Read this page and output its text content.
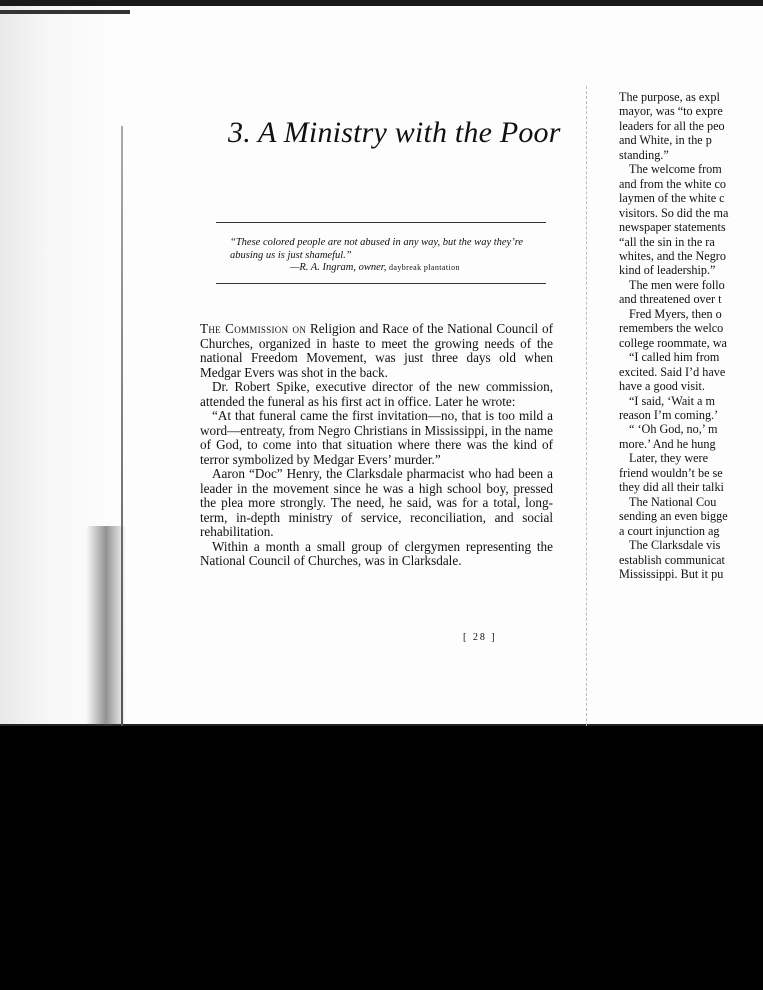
3. A Ministry with the Poor
“These colored people are not abused in any way, but the way they’re abusing us is just shameful.”
—R. A. Ingram, owner, daybreak plantation

The Commission on Religion and Race of the National Council of Churches, organized in haste to meet the growing needs of the national Freedom Movement, was just three days old when Medgar Evers was shot in the back.

Dr. Robert Spike, executive director of the new commission, attended the funeral as his first act in office. Later he wrote:

“At that funeral came the first invitation—no, that is too mild a word—entreaty, from Negro Christians in Mississippi, in the name of God, to come into that situation where there was the kind of terror symbolized by Medgar Evers’ murder.”

Aaron “Doc” Henry, the Clarksdale pharmacist who had been a leader in the movement since he was a high school boy, pressed the plea more strongly. The need, he said, was for a total, long-term, in-depth ministry of service, reconciliation, and social rehabilitation.

Within a month a small group of clergymen representing the National Council of Churches, was in Clarksdale.

[ 28 ]
The purpose, as expl
mayor, was “to expre
leaders for all the peo
and White, in the p
standing.”
The welcome from
and from the white co
laymen of the white c
visitors. So did the ma
newspaper statements
“all the sin in the ra
whites, and the Negro
kind of leadership.”
The men were follo
and threatened over t
Fred Myers, then o
remembers the welco
college roommate, wa
“I called him from
excited. Said I’d have
have a good visit.
“I said, ‘Wait a m
reason I’m coming.’
“ ‘Oh God, no,’ m
more.’ And he hung
Later, they were
friend wouldn’t be se
they did all their talki
The National Cou
sending an even bigge
a court injunction ag
The Clarksdale vis
establish communicat
Mississippi. But it pu
